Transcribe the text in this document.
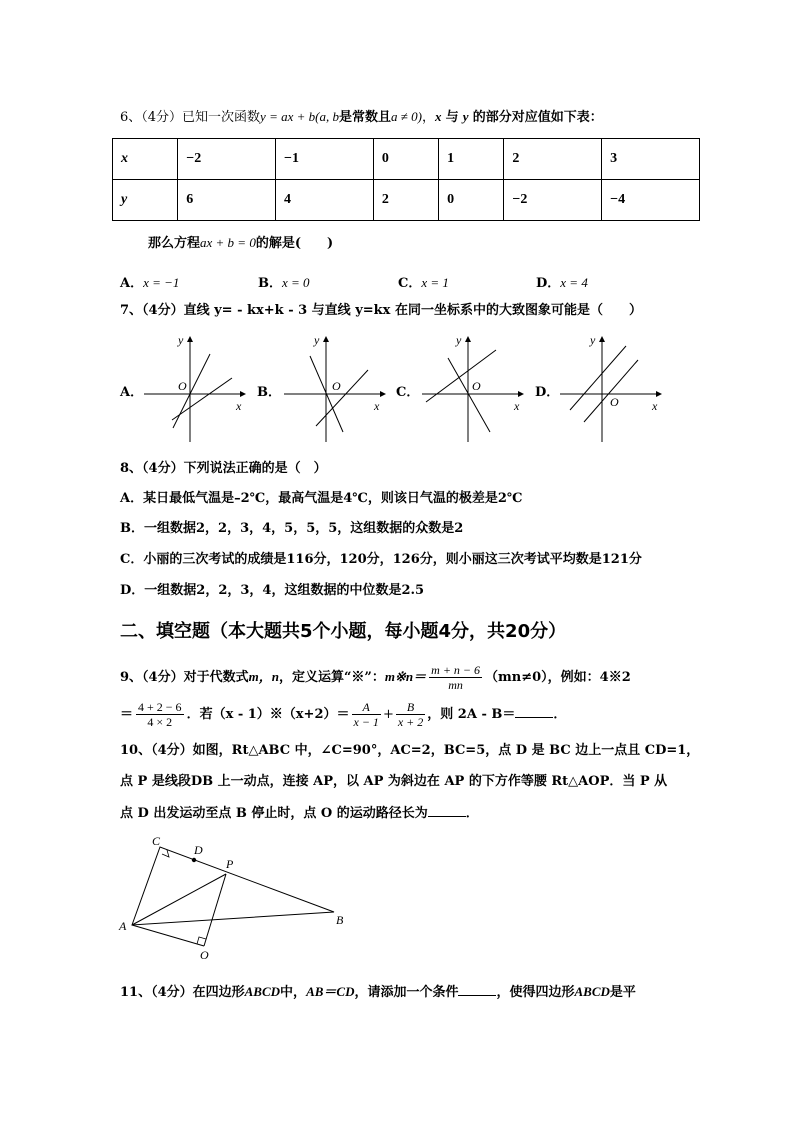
6、（4分）已知一次函数y = ax + b(a, b是常数且a ≠ 0)，x 与 y 的部分对应值如下表：
x	−2	−1	0	1	2	3
y	6	4	2	0	−2	−4
那么方程ax + b = 0的解是(　　)
A．x = −1	B．x = 0	C．x = 1	D．x = 4
7、（4分）直线 y= - kx+k - 3 与直线 y=kx 在同一坐标系中的大致图象可能是（　　）
A．
y
x
O	B．
y
x
O	C．
y
x
O	D．
y
x
O
8、（4分）下列说法正确的是（　）
A．某日最低气温是–2℃，最高气温是4℃，则该日气温的极差是2℃
B．一组数据2，2，3，4，5，5，5，这组数据的众数是2
C．小丽的三次考试的成绩是116分，120分，126分，则小丽这三次考试平均数是121分
D．一组数据2，2，3，4，这组数据的中位数是2.5
二、填空题（本大题共5个小题，每小题4分，共20分）
9、（4分）对于代数式m，n，定义运算“※”：m※n＝ $\frac{m + n - 6}{mn} (mn\ne 0)$，例如：4※2
＝ $\frac{4 + 2 - 6}{4 \times 2}$ ．若（x - 1）※（x+2）＝ $\frac{A}{x - 1} + \frac{B}{x + 2}$ ，则 2A - B＝	．
10、（4分）如图，Rt△ABC 中，∠C=90°，AC=2，BC=5，点 D 是 BC 边上一点且 CD=1，
点 P 是线段DB 上一动点，连接 AP，以 AP 为斜边在 AP 的下方作等腰 Rt△AOP．当 P 从
点 D 出发运动至点 B 停止时，点 O 的运动路径长为	．
C
D
P
A	B
O
11、（4分）在四边形ABCD中，AB＝CD，请添加一个条件	，使得四边形ABCD是平
